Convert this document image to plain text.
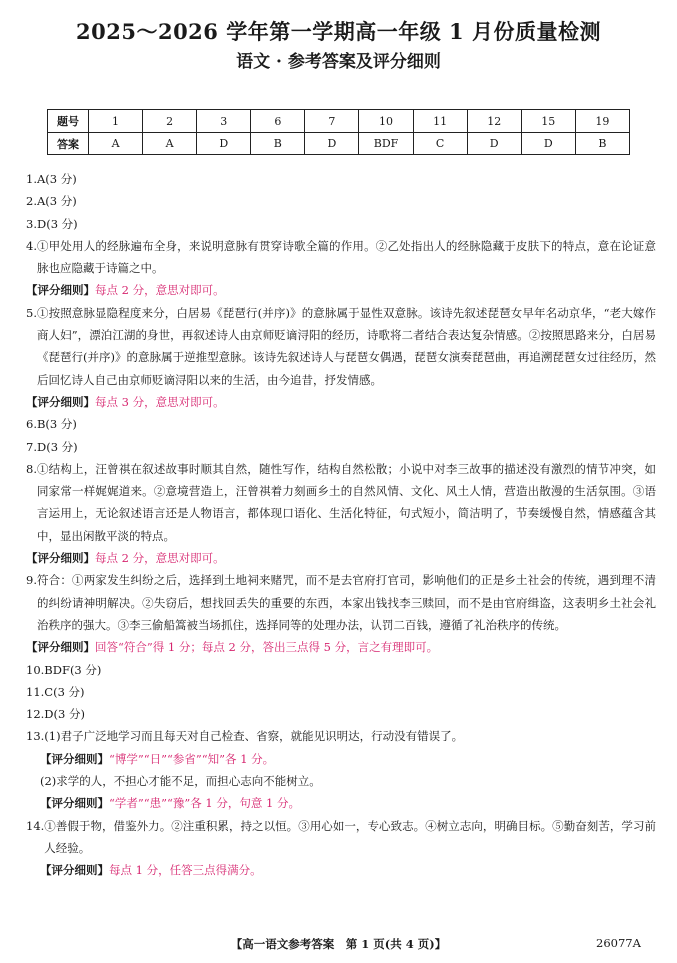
2025～2026 学年第一学期高一年级 1 月份质量检测
语文 · 参考答案及评分细则
题号	1	2	3	6	7	10	11	12	15	19
答案	A	A	D	B	D	BDF	C	D	D	B
1. A(3 分)
2. A(3 分)
3. D(3 分)
4. ①甲处用人的经脉遍布全身，来说明意脉有贯穿诗歌全篇的作用。②乙处指出人的经脉隐藏于皮肤下的特点，意在论证意脉也应隐藏于诗篇之中。
【评分细则】 每点 2 分，意思对即可。
5. ①按照意脉显隐程度来分，白居易《琵琶行(并序)》的意脉属于显性双意脉。该诗先叙述琵琶女早年名动京华，“老大嫁作商人妇”，漂泊江湖的身世，再叙述诗人由京师贬谪浔阳的经历，诗歌将二者结合表达复杂情感。②按照思路来分，白居易《琵琶行(并序)》的意脉属于逆推型意脉。该诗先叙述诗人与琵琶女偶遇，琵琶女演奏琵琶曲，再追溯琵琶女过往经历，然后回忆诗人自己由京师贬谪浔阳以来的生活，由今追昔，抒发情感。
【评分细则】 每点 3 分，意思对即可。
6. B(3 分)
7. D(3 分)
8. ①结构上，汪曾祺在叙述故事时顺其自然，随性写作，结构自然松散；小说中对李三故事的描述没有激烈的情节冲突，如同家常一样娓娓道来。②意境营造上，汪曾祺着力刻画乡土的自然风情、文化、风土人情，营造出散漫的生活氛围。③语言运用上，无论叙述语言还是人物语言，都体现口语化、生活化特征，句式短小，简洁明了，节奏缓慢自然，情感蕴含其中，显出闲散平淡的特点。
【评分细则】 每点 2 分，意思对即可。
9. 符合：①两家发生纠纷之后，选择到土地祠来赌咒，而不是去官府打官司，影响他们的正是乡土社会的传统，遇到理不清的纠纷请神明解决。②失窃后，想找回丢失的重要的东西，本家出钱找李三赎回，而不是由官府缉盗，这表明乡土社会礼治秩序的强大。③李三偷船篙被当场抓住，选择同等的处理办法，认罚二百钱，遵循了礼治秩序的传统。
【评分细则】 回答“符合”得 1 分；每点 2 分，答出三点得 5 分，言之有理即可。
10. BDF(3 分)
11. C(3 分)
12. D(3 分)
13. (1)君子广泛地学习而且每天对自己检查、省察，就能见识明达，行动没有错误了。
【评分细则】 “博学”“日”“参省”“知”各 1 分。
(2)求学的人，不担心才能不足，而担心志向不能树立。
【评分细则】 “学者”“患”“豫”各 1 分，句意 1 分。
14. ①善假于物，借鉴外力。②注重积累，持之以恒。③用心如一，专心致志。④树立志向，明确目标。⑤勤奋刻苦，学习前人经验。
【评分细则】 每点 1 分，任答三点得满分。
【高一语文参考答案　第 1 页(共 4 页)】	26077A
